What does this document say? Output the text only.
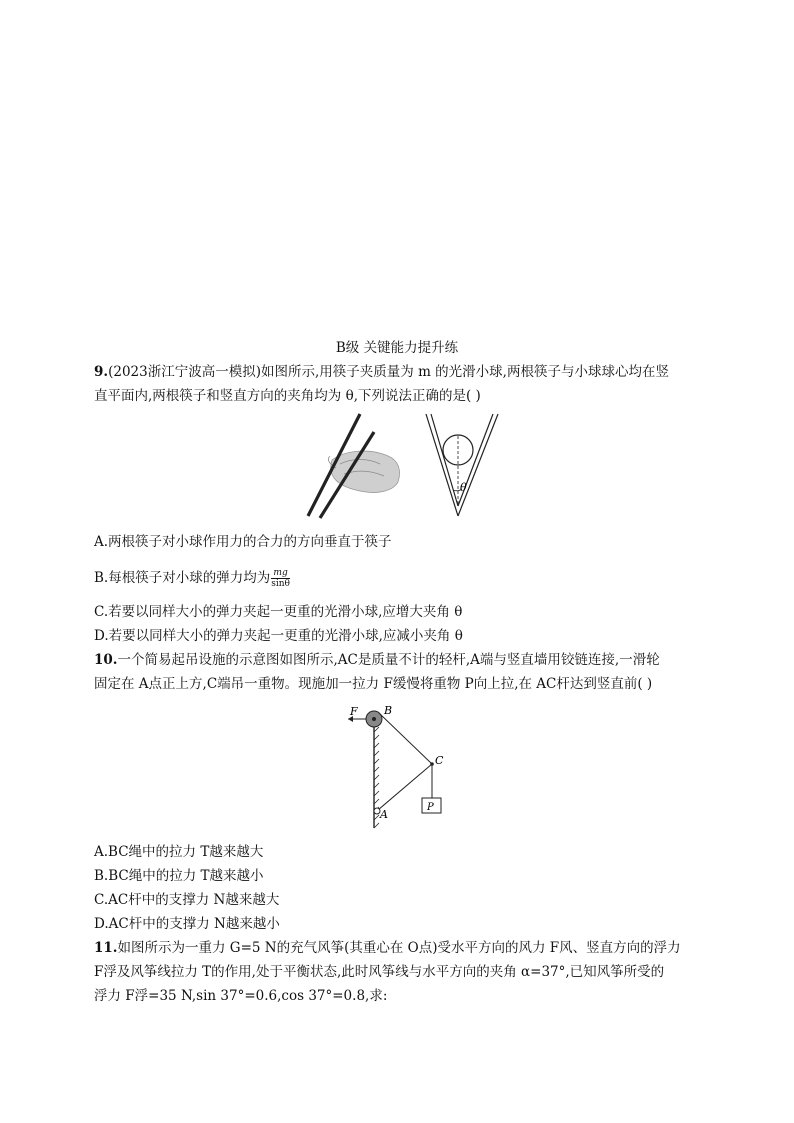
B级 关键能力提升练
9.(2023浙江宁波高一模拟)如图所示,用筷子夹质量为 m 的光滑小球,两根筷子与小球球心均在竖
直平面内,两根筷子和竖直方向的夹角均为 θ,下列说法正确的是( )
θ
A.两根筷子对小球作用力的合力的方向垂直于筷子
B.每根筷子对小球的弹力均为 $\frac{mg}{\sin\theta}$
C.若要以同样大小的弹力夹起一更重的光滑小球,应增大夹角 θ
D.若要以同样大小的弹力夹起一更重的光滑小球,应减小夹角 θ
10.一个简易起吊设施的示意图如图所示,AC是质量不计的轻杆,A端与竖直墙用铰链连接,一滑轮
固定在 A点正上方,C端吊一重物。现施加一拉力 F缓慢将重物 P向上拉,在 AC杆达到竖直前( )
F B
A
C
P
A.BC绳中的拉力 T越来越大
B.BC绳中的拉力 T越来越小
C.AC杆中的支撑力 N越来越大
D.AC杆中的支撑力 N越来越小
11.如图所示为一重力 G=5 N的充气风筝(其重心在 O点)受水平方向的风力 F风、竖直方向的浮力
F浮及风筝线拉力 T的作用,处于平衡状态,此时风筝线与水平方向的夹角 α=37°,已知风筝所受的
浮力 F浮=35 N,sin 37°=0.6,cos 37°=0.8,求:
